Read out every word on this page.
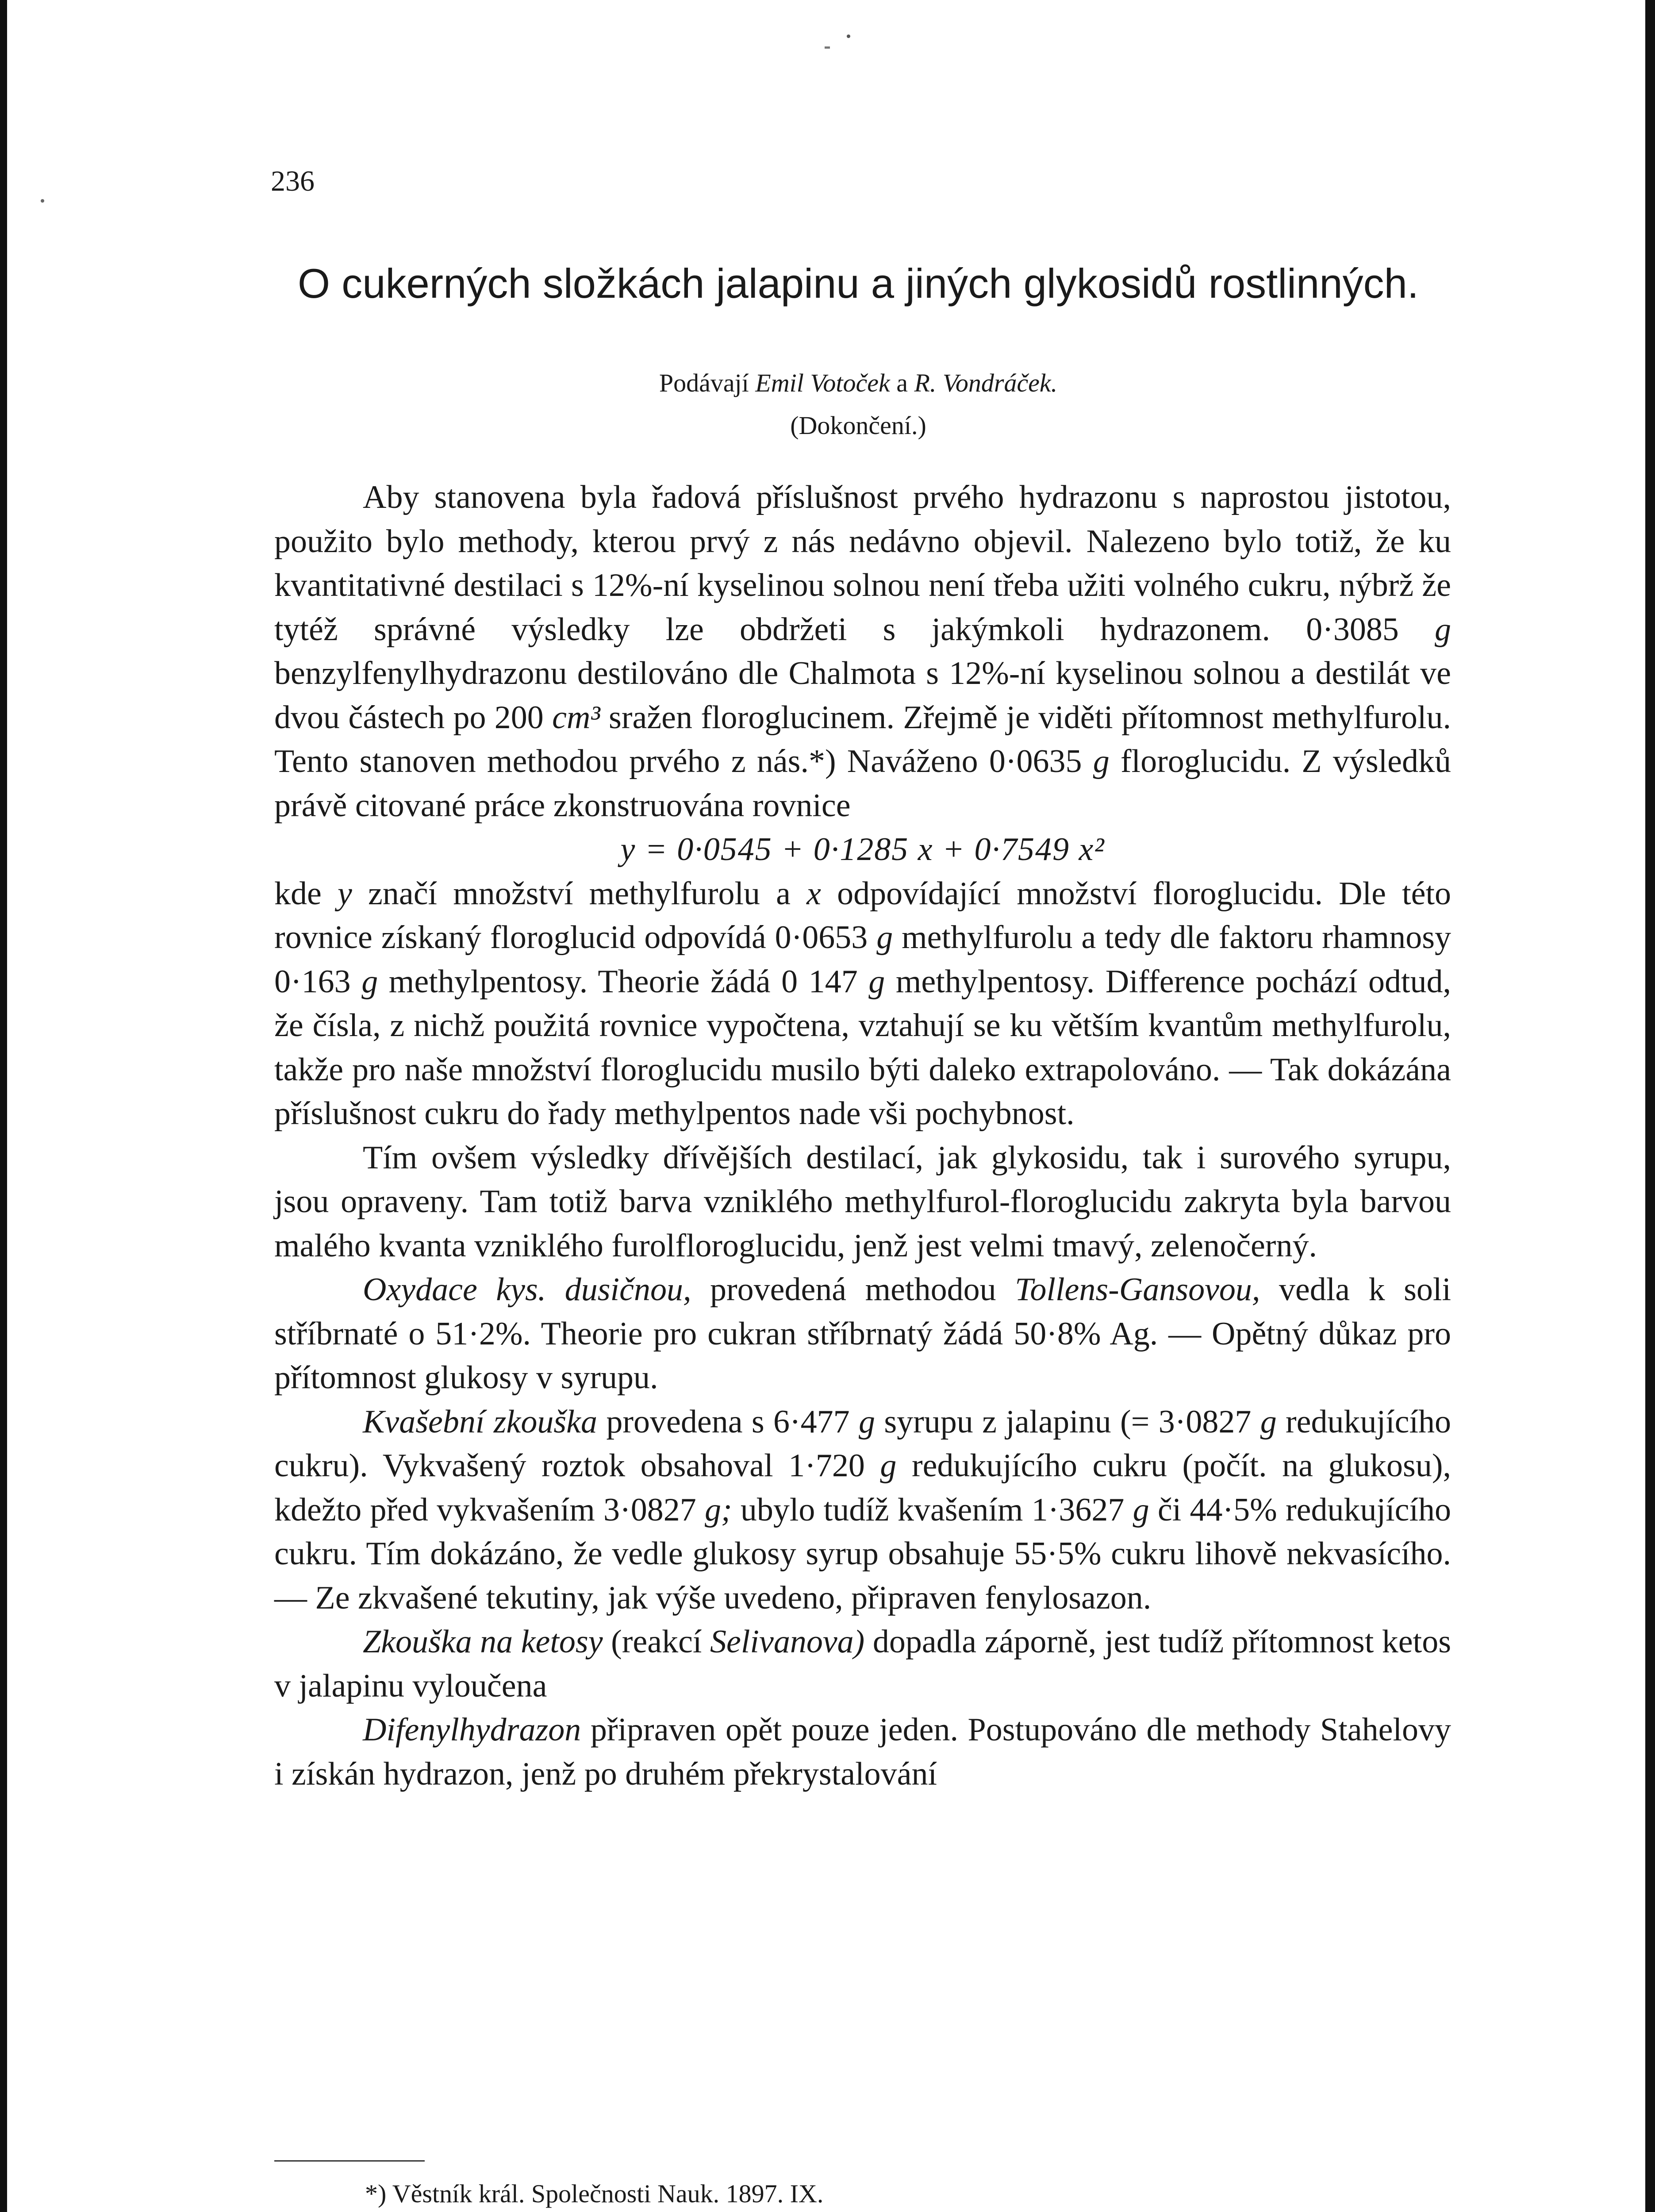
236
O cukerných složkách jalapinu a jiných glykosidů rostlinných.
Podávají Emil Votoček a R. Vondráček.
(Dokončení.)

Aby stanovena byla řadová příslušnost prvého hydrazonu s naprostou jistotou, použito bylo methody, kterou prvý z nás nedávno objevil. Nalezeno bylo totiž, že ku kvantitativné destilaci s 12%-ní kyselinou solnou není třeba užiti volného cukru, nýbrž že tytéž správné výsledky lze obdržeti s jakýmkoli hydrazonem. 0·3085 g benzylfenylhydrazonu destilováno dle Chalmota s 12%-ní kyselinou solnou a destilát ve dvou částech po 200 cm³ sražen floroglucinem. Zřejmě je viděti přítomnost methylfurolu. Tento stanoven methodou prvého z nás.*) Naváženo 0·0635 g floroglucidu. Z výsledků právě citované práce zkonstruována rovnice

y = 0·0545 + 0·1285 x + 0·7549 x²

kde y značí množství methylfurolu a x odpovídající množství floroglucidu. Dle této rovnice získaný floroglucid odpovídá 0·0653 g methylfurolu a tedy dle faktoru rhamnosy 0·163 g methylpentosy. Theorie žádá 0 147 g methylpentosy. Difference pochází odtud, že čísla, z nichž použitá rovnice vypočtena, vztahují se ku větším kvantům methylfurolu, takže pro naše množství floroglucidu musilo býti daleko extrapolováno. — Tak dokázána příslušnost cukru do řady methylpentos nade vši pochybnost.

Tím ovšem výsledky dřívějších destilací, jak glykosidu, tak i surového syrupu, jsou opraveny. Tam totiž barva vzniklého methylfurol-floroglucidu zakryta byla barvou malého kvanta vzniklého furolfloroglucidu, jenž jest velmi tmavý, zelenočerný.

Oxydace kys. dusičnou, provedená methodou Tollens-Gansovou, vedla k soli stříbrnaté o 51·2%. Theorie pro cukran stříbrnatý žádá 50·8% Ag. — Opětný důkaz pro přítomnost glukosy v syrupu.

Kvašební zkouška provedena s 6·477 g syrupu z jalapinu (= 3·0827 g redukujícího cukru). Vykvašený roztok obsahoval 1·720 g redukujícího cukru (počít. na glukosu), kdežto před vykvašením 3·0827 g; ubylo tudíž kvašením 1·3627 g či 44·5% redukujícího cukru. Tím dokázáno, že vedle glukosy syrup obsahuje 55·5% cukru lihově nekvasícího. — Ze zkvašené tekutiny, jak výše uvedeno, připraven fenylosazon.

Zkouška na ketosy (reakcí Selivanova) dopadla záporně, jest tudíž přítomnost ketos v jalapinu vyloučena

Difenylhydrazon připraven opět pouze jeden. Postupováno dle methody Stahelovy i získán hydrazon, jenž po druhém překrystalování

*) Věstník král. Společnosti Nauk. 1897. IX.
